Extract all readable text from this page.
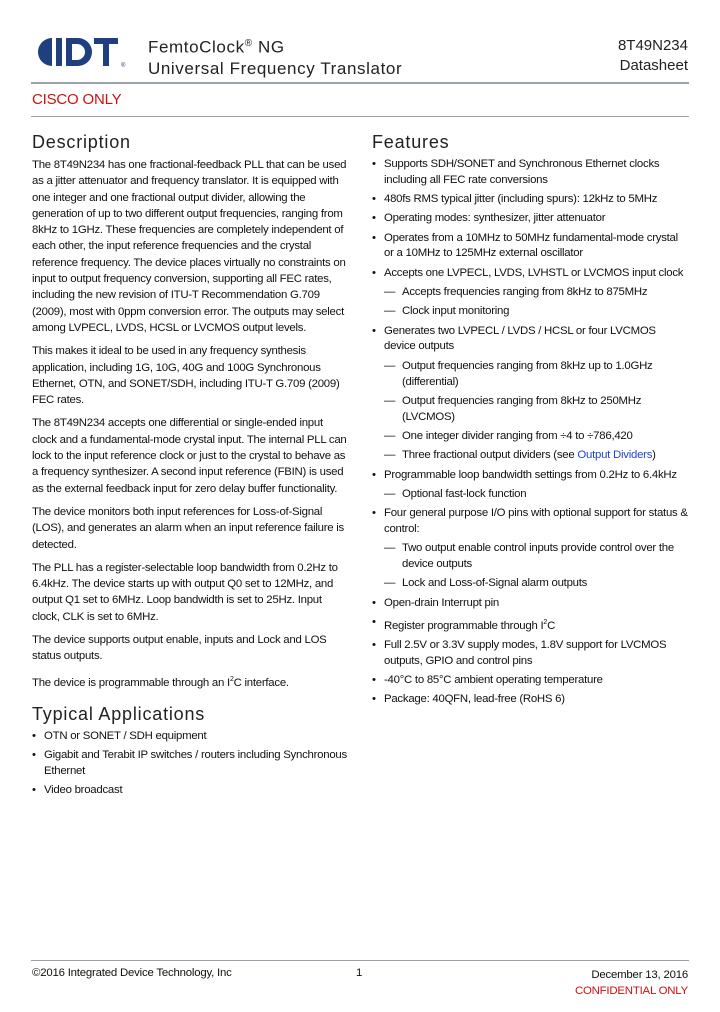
®
FemtoClock® NG
Universal Frequency Translator
8T49N234
Datasheet
CISCO ONLY
Description

The 8T49N234 has one fractional-feedback PLL that can be used as a jitter attenuator and frequency translator. It is equipped with one integer and one fractional output divider, allowing the generation of up to two different output frequencies, ranging from 8kHz to 1GHz. These frequencies are completely independent of each other, the input reference frequencies and the crystal reference frequency. The device places virtually no constraints on input to output frequency conversion, supporting all FEC rates, including the new revision of ITU-T Recommendation G.709 (2009), most with 0ppm conversion error. The outputs may select among LVPECL, LVDS, HCSL or LVCMOS output levels.

This makes it ideal to be used in any frequency synthesis application, including 1G, 10G, 40G and 100G Synchronous Ethernet, OTN, and SONET/SDH, including ITU-T G.709 (2009) FEC rates.

The 8T49N234 accepts one differential or single-ended input clock and a fundamental-mode crystal input. The internal PLL can lock to the input reference clock or just to the crystal to behave as a frequency synthesizer. A second input reference (FBIN) is used as the external feedback input for zero delay buffer functionality.

The device monitors both input references for Loss-of-Signal (LOS), and generates an alarm when an input reference failure is detected.

The PLL has a register-selectable loop bandwidth from 0.2Hz to 6.4kHz. The device starts up with output Q0 set to 12MHz, and output Q1 set to 6MHz. Loop bandwidth is set to 25Hz. Input clock, CLK is set to 6MHz.

The device supports output enable, inputs and Lock and LOS status outputs.

The device is programmable through an $I^2C$ interface.

Typical Applications
• OTN or SONET / SDH equipment
• Gigabit and Terabit IP switches / routers including Synchronous Ethernet
• Video broadcast
Features
• Supports SDH/SONET and Synchronous Ethernet clocks including all FEC rate conversions
• 480fs RMS typical jitter (including spurs): 12kHz to 5MHz
• Operating modes: synthesizer, jitter attenuator
• Operates from a 10MHz to 50MHz fundamental-mode crystal or a 10MHz to 125MHz external oscillator
• Accepts one LVPECL, LVDS, LVHSTL or LVCMOS input clock
— Accepts frequencies ranging from 8kHz to 875MHz
— Clock input monitoring
• Generates two LVPECL / LVDS / HCSL or four LVCMOS device outputs
— Output frequencies ranging from 8kHz up to 1.0GHz (differential)
— Output frequencies ranging from 8kHz to 250MHz (LVCMOS)
— One integer divider ranging from ÷4 to ÷786,420
— Three fractional output dividers (see Output Dividers)
• Programmable loop bandwidth settings from 0.2Hz to 6.4kHz
— Optional fast-lock function
• Four general purpose I/O pins with optional support for status & control:
— Two output enable control inputs provide control over the device outputs
— Lock and Loss-of-Signal alarm outputs
• Open-drain Interrupt pin
• Register programmable through $I^2C$
• Full 2.5V or 3.3V supply modes, 1.8V support for LVCMOS outputs, GPIO and control pins
• -40°C to 85°C ambient operating temperature
• Package: 40QFN, lead-free (RoHS 6)
©2016 Integrated Device Technology, Inc	1	December 13, 2016
CONFIDENTIAL ONLY
